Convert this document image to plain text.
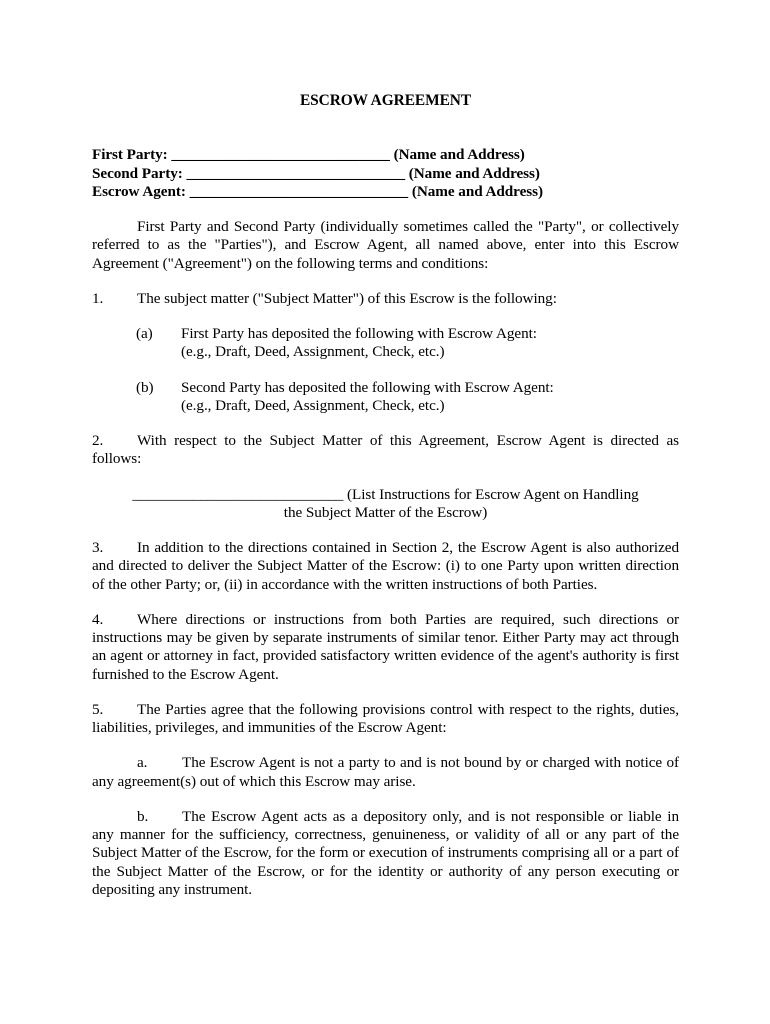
ESCROW AGREEMENT
First Party: _____________________________ (Name and Address)
Second Party: _____________________________ (Name and Address)
Escrow Agent: _____________________________ (Name and Address)
First Party and Second Party (individually sometimes called the "Party", or collectively
referred to as the "Parties"), and Escrow Agent, all named above, enter into this Escrow
Agreement ("Agreement") on the following terms and conditions:
1. The subject matter ("Subject Matter") of this Escrow is the following:
(a) First Party has deposited the following with Escrow Agent:
(e.g., Draft, Deed, Assignment, Check, etc.)
(b) Second Party has deposited the following with Escrow Agent:
(e.g., Draft, Deed, Assignment, Check, etc.)
2. With respect to the Subject Matter of this Agreement, Escrow Agent is directed as
follows:
____________________________ (List Instructions for Escrow Agent on Handling
the Subject Matter of the Escrow)
3. In addition to the directions contained in Section 2, the Escrow Agent is also authorized
and directed to deliver the Subject Matter of the Escrow: (i) to one Party upon written direction
of the other Party; or, (ii) in accordance with the written instructions of both Parties.
4. Where directions or instructions from both Parties are required, such directions or
instructions may be given by separate instruments of similar tenor. Either Party may act through
an agent or attorney in fact, provided satisfactory written evidence of the agent's authority is first
furnished to the Escrow Agent.
5. The Parties agree that the following provisions control with respect to the rights, duties,
liabilities, privileges, and immunities of the Escrow Agent:
a. The Escrow Agent is not a party to and is not bound by or charged with notice of
any agreement(s) out of which this Escrow may arise.
b. The Escrow Agent acts as a depository only, and is not responsible or liable in
any manner for the sufficiency, correctness, genuineness, or validity of all or any part of the
Subject Matter of the Escrow, for the form or execution of instruments comprising all or a part of
the Subject Matter of the Escrow, or for the identity or authority of any person executing or
depositing any instrument.
